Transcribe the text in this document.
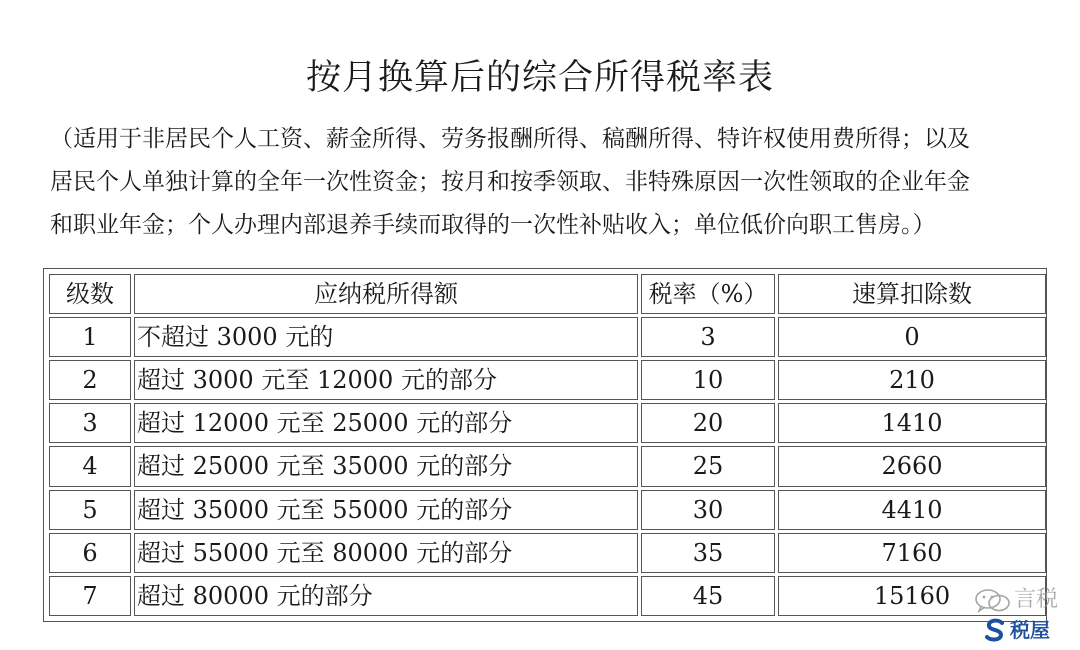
按月换算后的综合所得税率表

（适用于非居民个人工资、薪金所得、劳务报酬所得、稿酬所得、特许权使用费所得；以及
居民个人单独计算的全年一次性资金；按月和按季领取、非特殊原因一次性领取的企业年金
和职业年金；个人办理内部退养手续而取得的一次性补贴收入；单位低价向职工售房。）

级数	应纳税所得额	税率（%）	速算扣除数
1	不超过 3000 元的	3	0
2	超过 3000 元至 12000 元的部分	10	210
3	超过 12000 元至 25000 元的部分	20	1410
4	超过 25000 元至 35000 元的部分	25	2660
5	超过 35000 元至 55000 元的部分	30	4410
6	超过 55000 元至 80000 元的部分	35	7160
7	超过 80000 元的部分	45	15160	言税
税屋
